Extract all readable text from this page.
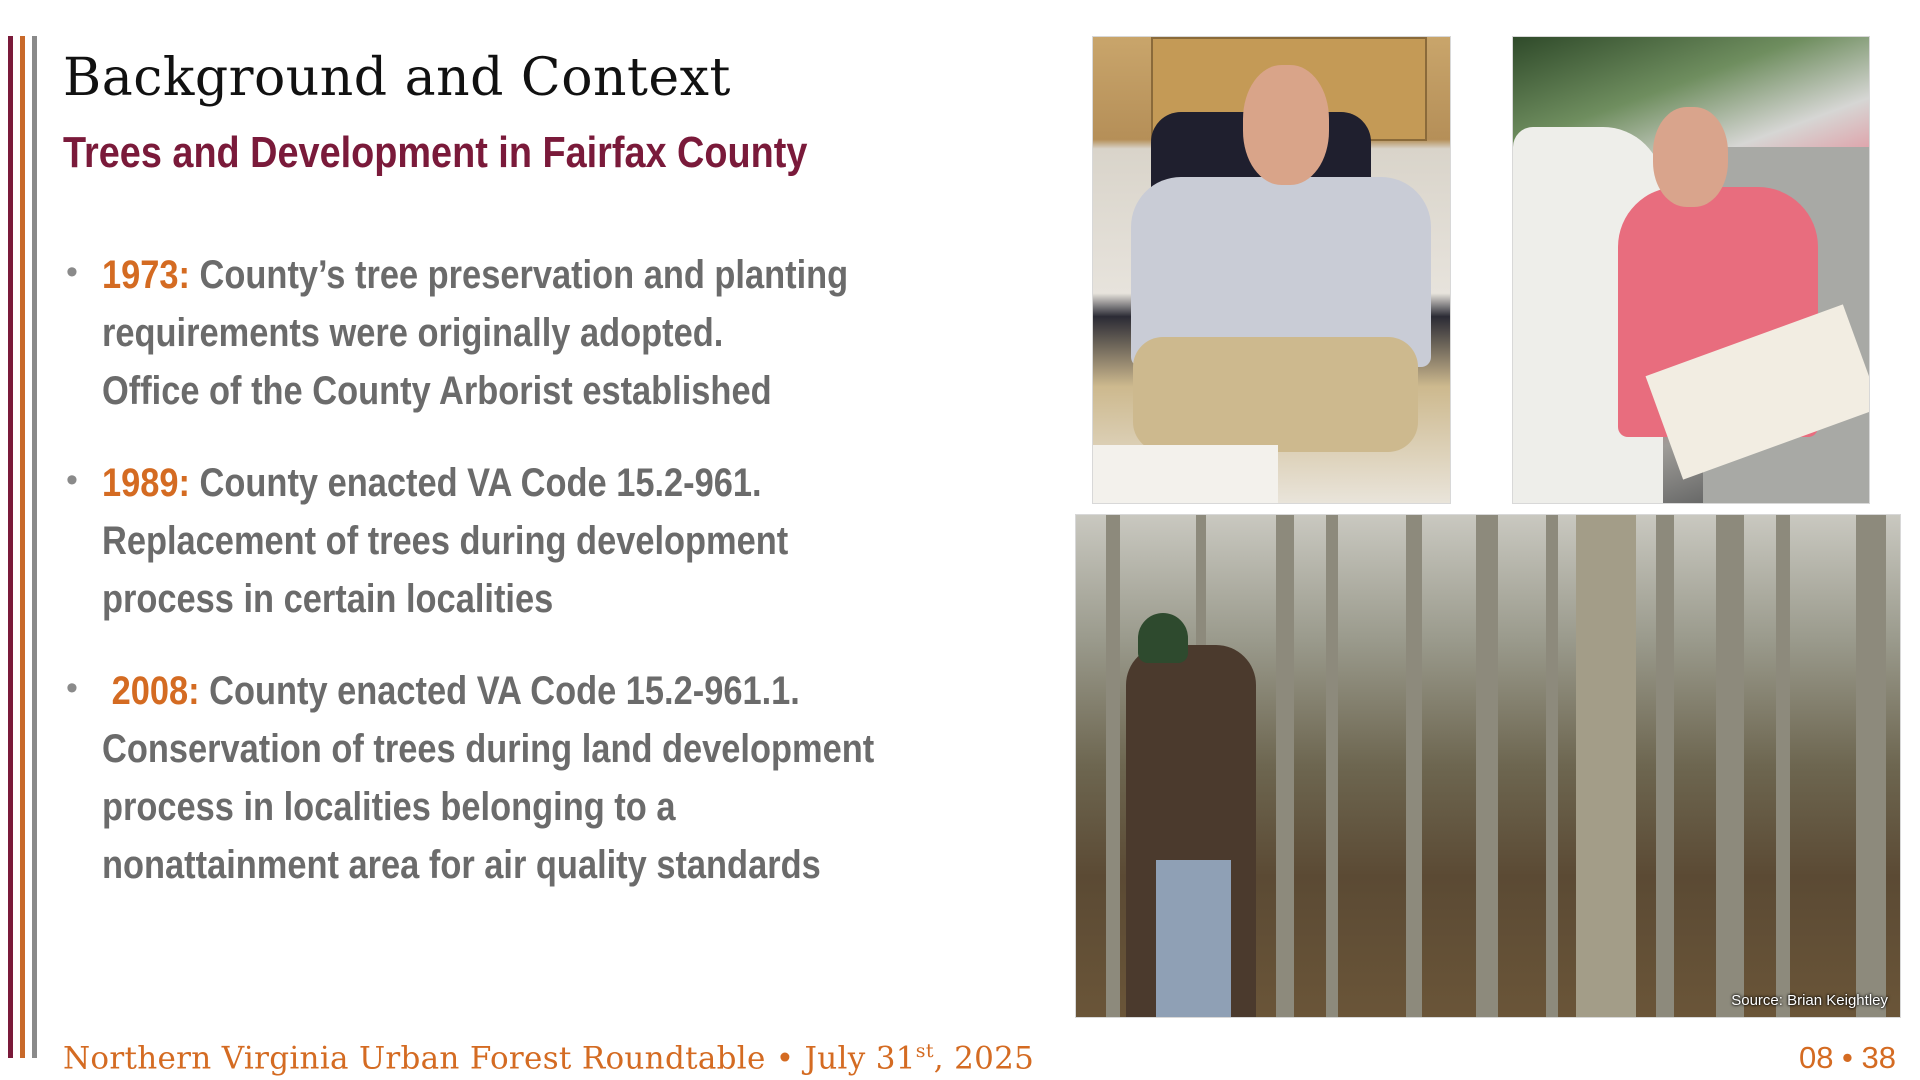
Background and Context
Trees and Development in Fairfax County
• 1973: County’s tree preservation and planting
requirements were originally adopted.
Office of the County Arborist established
• 1989: County enacted VA Code 15.2-961.
Replacement of trees during development
process in certain localities
• 2008: County enacted VA Code 15.2-961.1.
Conservation of trees during land development
process in localities belonging to a
nonattainment area for air quality standards
Source: Brian Keightley
Northern Virginia Urban Forest Roundtable • July 31st, 2025	08 • 38
